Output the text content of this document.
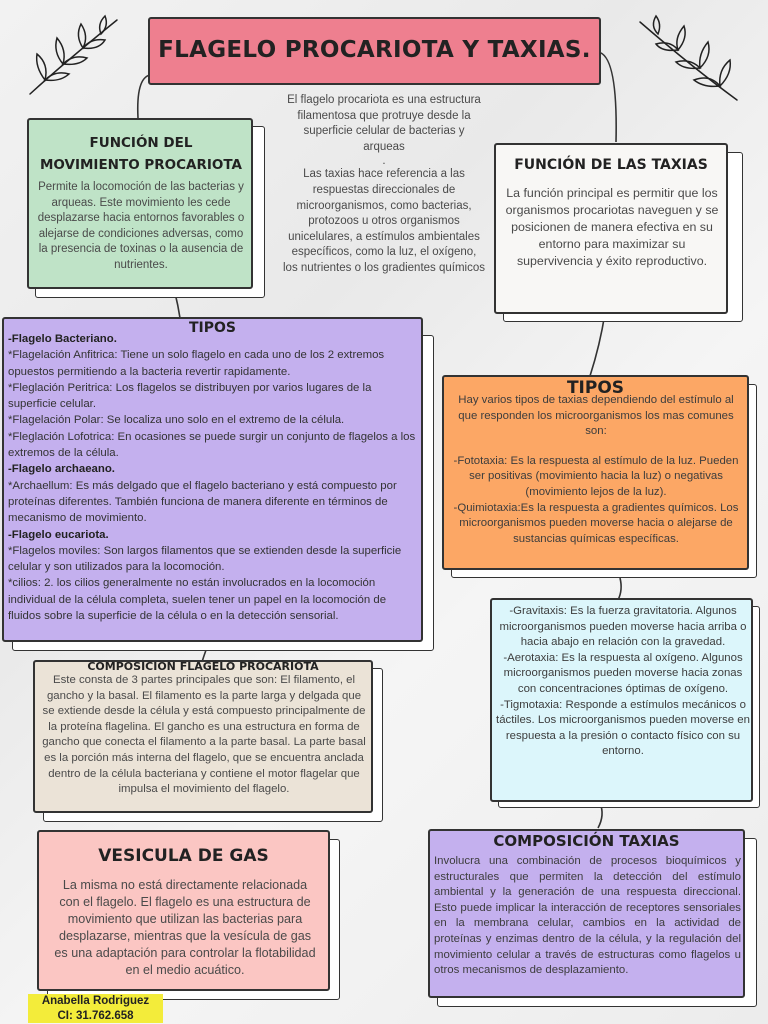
FLAGELO PROCARIOTA Y TAXIAS.

El flagelo procariota es una estructura filamentosa que protruye desde la superficie celular de bacterias y arqueas

.

Las taxias hace referencia a las respuestas direccionales de microorganismos, como bacterias, protozoos u otros organismos unicelulares, a estímulos ambientales específicos, como la luz, el oxígeno, los nutrientes o los gradientes químicos

FUNCIÓN DEL MOVIMIENTO PROCARIOTA
Permite la locomoción de las bacterias y arqueas. Este movimiento les cede desplazarse hacia entornos favorables o alejarse de condiciones adversas, como la presencia de toxinas o la ausencia de nutrientes.
FUNCIÓN DE LAS TAXIAS
La función principal es permitir que los organismos procariotas naveguen y se posicionen de manera efectiva en su entorno para maximizar su supervivencia y éxito reproductivo.
TIPOS

-Flagelo Bacteriano.

*Flagelación Anfitrica: Tiene un solo flagelo en cada uno de los 2 extremos opuestos permitiendo a la bacteria revertir rapidamente.

*Fleglación Peritrica: Los flagelos se distribuyen por varios lugares de la superficie celular.

*Flagelación Polar: Se localiza uno solo en el extremo de la célula.

*Fleglación Lofotrica: En ocasiones se puede surgir un conjunto de flagelos a los extremos de la célula.

-Flagelo archaeano.

*Archaellum: Es más delgado que el flagelo bacteriano y está compuesto por proteínas diferentes. También funciona de manera diferente en términos de mecanismo de movimiento.

-Flagelo eucariota.

*Flagelos moviles: Son largos filamentos que se extienden desde la superficie celular y son utilizados para la locomoción.

*cilios: 2. los cilios generalmente no están involucrados en la locomoción individual de la célula completa, suelen tener un papel en la locomoción de fluidos sobre la superficie de la célula o en la detección sensorial.

TIPOS

Hay varios tipos de taxias dependiendo del estímulo al que responden los microorganismos los mas comunes son:

-Fototaxia: Es la respuesta al estímulo de la luz. Pueden ser positivas (movimiento hacia la luz) o negativas (movimiento lejos de la luz).

-Quimiotaxia:Es la respuesta a gradientes químicos. Los microorganismos pueden moverse hacia o alejarse de sustancias químicas específicas.

-Gravitaxis: Es la fuerza gravitatoria. Algunos microorganismos pueden moverse hacia arriba o hacia abajo en relación con la gravedad.

-Aerotaxia: Es la respuesta al oxígeno. Algunos microorganismos pueden moverse hacia zonas con concentraciones óptimas de oxígeno.

-Tigmotaxia: Responde a estímulos mecánicos o táctiles. Los microorganismos pueden moverse en respuesta a la presión o contacto físico con su entorno.

COMPOSICION FLAGELO PROCARIOTA
Este consta de 3 partes principales que son: El filamento, el gancho y la basal. El filamento es la parte larga y delgada que se extiende desde la célula y está compuesto principalmente de la proteína flagelina. El gancho es una estructura en forma de gancho que conecta el filamento a la parte basal. La parte basal es la porción más interna del flagelo, que se encuentra anclada dentro de la célula bacteriana y contiene el motor flagelar que impulsa el movimiento del flagelo.
VESICULA DE GAS
La misma no está directamente relacionada con el flagelo. El flagelo es una estructura de movimiento que utilizan las bacterias para desplazarse, mientras que la vesícula de gas es una adaptación para controlar la flotabilidad en el medio acuático.
COMPOSICIÓN TAXIAS
Involucra una combinación de procesos bioquímicos y estructurales que permiten la detección del estímulo ambiental y la generación de una respuesta direccional. Esto puede implicar la interacción de receptores sensoriales en la membrana celular, cambios en la actividad de proteínas y enzimas dentro de la célula, y la regulación del movimiento celular a través de estructuras como flagelos u otros mecanismos de desplazamiento.
Anabella Rodriguez
CI: 31.762.658
